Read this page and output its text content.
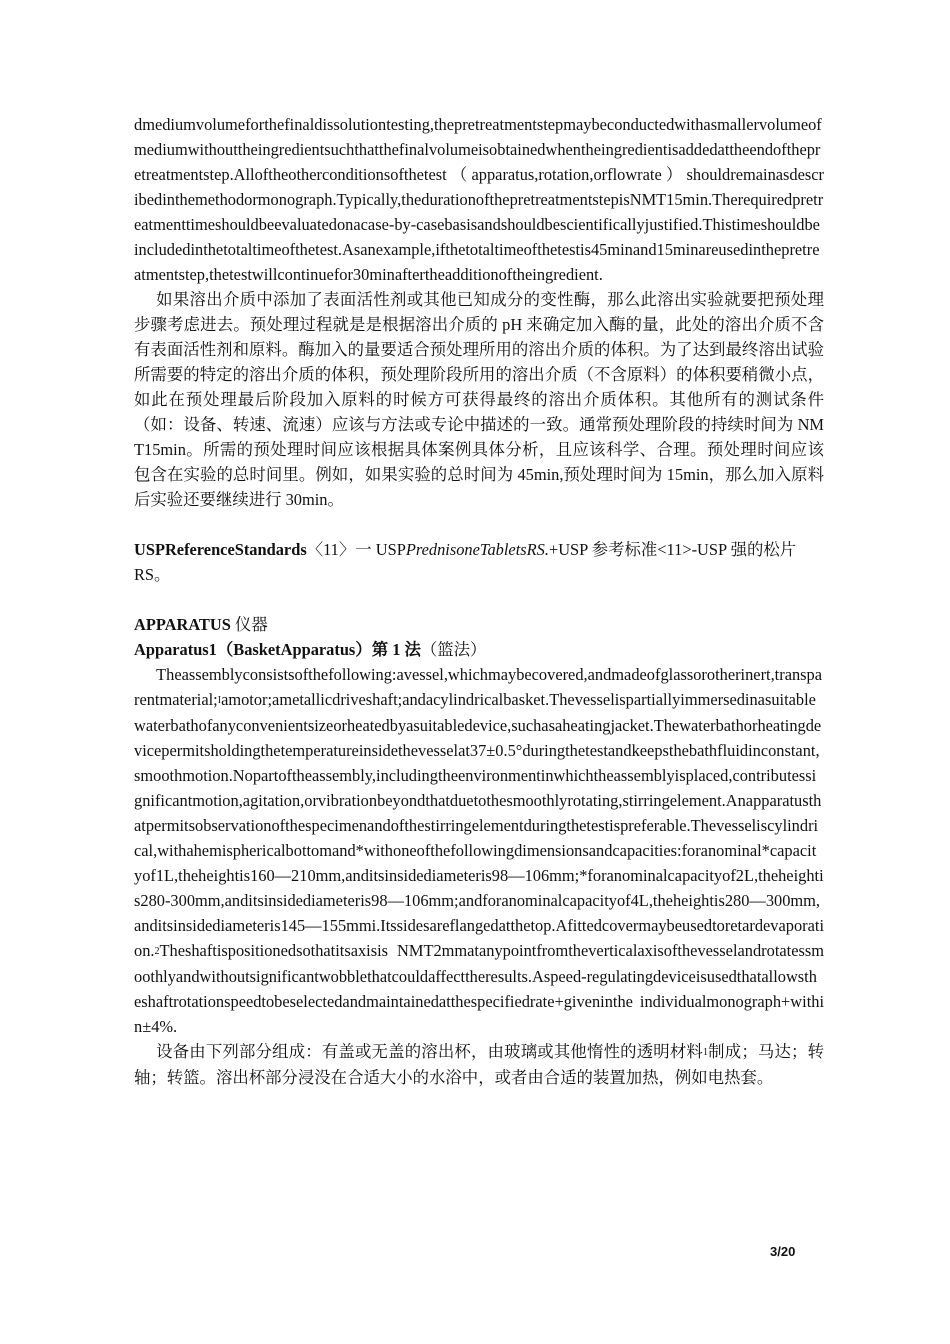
dmediumvolumeforthefinaldissolutiontesting,thepretreatmentstepmaybeconductedwithasmallervolumeofmediumwithouttheingredientsuchthatthefinalvolumeisobtainedwhentheingredientisaddedattheendofthepretreatmentstep.Alloftheotherconditionsofthetest （ apparatus,rotation,orflowrate ） shouldremainasdescribedinthemethodormonograph.Typically,thedurationofthepretreatmentstepisNMT15min.Therequiredpretreatmenttimeshouldbeevaluatedonacase-by-casebasisandshouldbescientificallyjustified.Thistimeshouldbeincludedinthetotaltimeofthetest.Asanexample,ifthetotaltimeofthetestis45minand15minareusedinthepretreatmentstep,thetestwillcontinuefor30minaftertheadditionoftheingredient.

如果溶出介质中添加了表面活性剂或其他已知成分的变性酶，那么此溶出实验就要把预处理步骤考虑进去。预处理过程就是是根据溶出介质的 pH 来确定加入酶的量，此处的溶出介质不含有表面活性剂和原料。酶加入的量要适合预处理所用的溶出介质的体积。为了达到最终溶出试验所需要的特定的溶出介质的体积，预处理阶段所用的溶出介质（不含原料）的体积要稍微小点，如此在预处理最后阶段加入原料的时候方可获得最终的溶出介质体积。其他所有的测试条件（如：设备、转速、流速）应该与方法或专论中描述的一致。通常预处理阶段的持续时间为 NMT15min。所需的预处理时间应该根据具体案例具体分析，且应该科学、合理。预处理时间应该包含在实验的总时间里。例如，如果实验的总时间为 45min,预处理时间为 15min，那么加入原料后实验还要继续进行 30min。

USPReferenceStandards〈11〉一 USPPrednisoneTabletsRS.+USP 参考标准<11>-USP 强的松片 RS。

APPARATUS 仪器

Apparatus1（BasketApparatus）第 1 法（篮法）

Theassemblyconsistsofthefollowing:avessel,whichmaybecovered,andmadeofglassorotherinert,transparentmaterial;$^I$amotor;ametallicdriveshaft;andacylindricalbasket.Thevesselispartiallyimmersedinasuitablewaterbathofanyconvenientsizeorheatedbyasuitabledevice,suchasaheatingjacket.Thewaterbathorheatingdevicepermitsholdingthetemperatureinsidethevesselat37±0.5°duringthetestandkeepsthebathfluidinconstant,smoothmotion.Nopartoftheassembly,includingtheenvironmentinwhichtheassemblyisplaced,contributessignificantmotion,agitation,orvibrationbeyondthatduetothesmoothlyrotating,stirringelement.Anapparatusthatpermitsobservationofthespecimenandofthestirringelementduringthetestispreferable.Thevesseliscylindrical,withahemisphericalbottomand*withoneofthefollowingdimensionsandcapacities:foranominal*capacityof1L,theheightis160—210mm,anditsinsidediameteris98—106mm;*foranominalcapacityof2L,theheightis280-300mm,anditsinsidediameteris98—106mm;andforanominalcapacityof4L,theheightis280—300mm,anditsinsidediameteris145—155mmi.Itssidesareflangedatthetop.Afittedcovermaybeusedtoretardevaporation.$^2$Theshaftispositionedsothatitsaxisis NMT2mmatanypointfromtheverticalaxisofthevesselandrotatessmoothlyandwithoutsignificantwobblethatcouldaffecttheresults.Aspeed-regulatingdeviceisusedthatallowstheshaftrotationspeedtobeselectedandmaintainedatthespecifiedrate+giveninthe individualmonograph+within±4%.

设备由下列部分组成：有盖或无盖的溶出杯，由玻璃或其他惰性的透明材料$^1$制成；马达；转轴；转篮。溶出杯部分浸没在合适大小的水浴中，或者由合适的装置加热，例如电热套。

3/20
